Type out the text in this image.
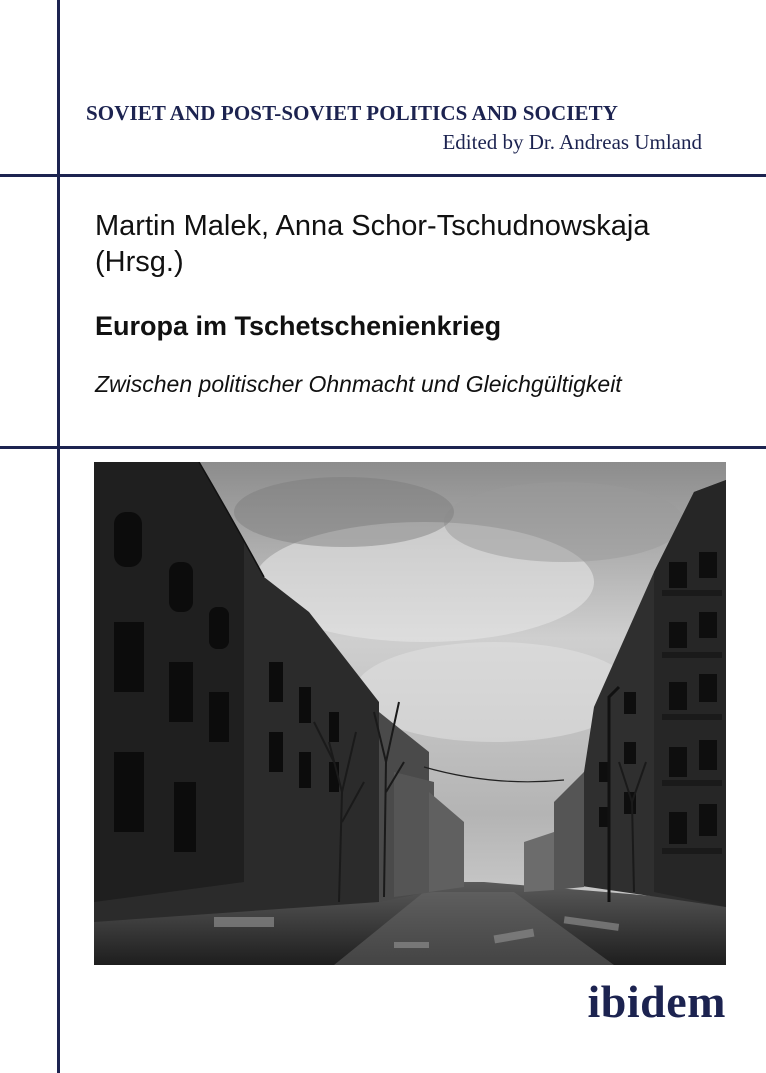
SOVIET AND POST-SOVIET POLITICS AND SOCIETY
Edited by Dr. Andreas Umland
Martin Malek, Anna Schor-Tschudnowskaja
(Hrsg.)
Europa im Tschetschenienkrieg
Zwischen politischer Ohnmacht und Gleichgültigkeit
ibidem
